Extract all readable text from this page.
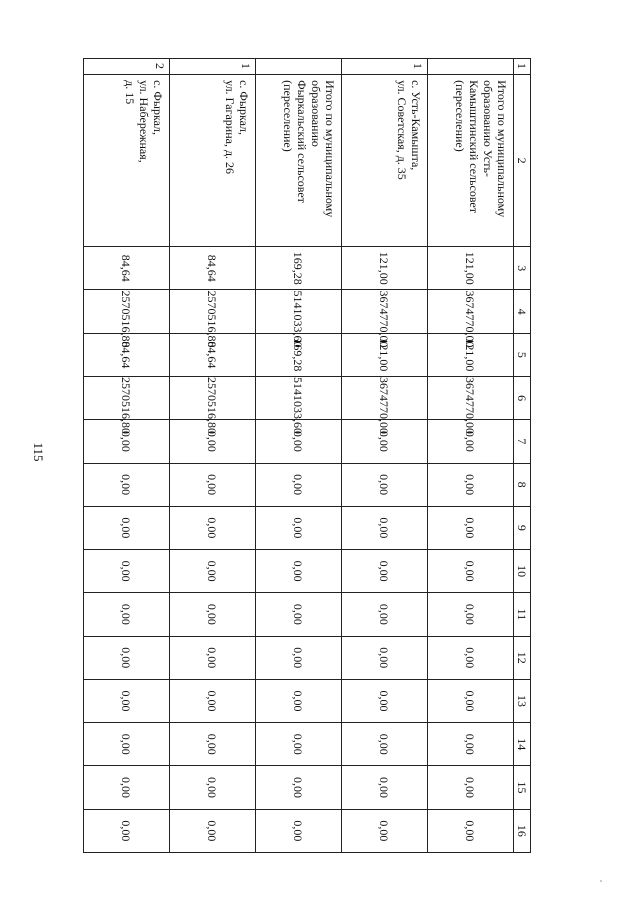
115
1	2	3	4	5	6	7	8	9	10	11	12	13	14	15	16

	Итого по муниципальному
образованию Усть-
Камыштинский сельсовет
(переселение)	121,00	3674770,00	121,00	3674770,00	0,00	0,00	0,00	0,00	0,00	0,00	0,00	0,00	0,00	0,00
1	с. Усть-Камышта,
ул. Советская, д. 35	121,00	3674770,00	121,00	3674770,00	0,00	0,00	0,00	0,00	0,00	0,00	0,00	0,00	0,00	0,00

	Итого по муниципальному
образованию
Фыркальский сельсовет
(переселение)	169,28	5141033,60	169,28	5141033,60	0,00	0,00	0,00	0,00	0,00	0,00	0,00	0,00	0,00	0,00
1	с. Фыркал,
ул. Гагарина, д. 26	84,64	2570516,80	84,64	2570516,80	0,00	0,00	0,00	0,00	0,00	0,00	0,00	0,00	0,00	0,00
2	с. Фыркал,
ул. Набережная,
д. 15	84,64	2570516,80	84,64	2570516,80	0,00	0,00	0,00	0,00	0,00	0,00	0,00	0,00	0,00	0,00
